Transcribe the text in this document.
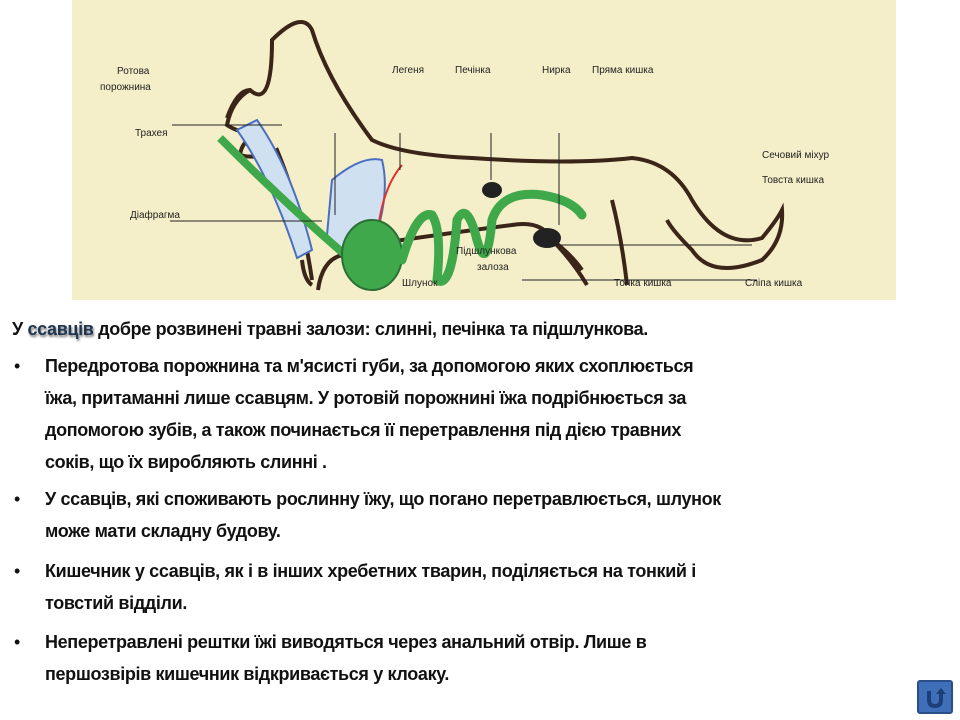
Ротова
порожнина
Трахея
Діафрагма
Легеня	Печінка	Нирка Пряма кишка
Сечовий міхур
Товста кишка
Підшлункова
залоза
Шлунок	Тонка кишка	Сліпа кишка
У ссавців добре розвинені травні залози: слинні, печінка та підшлункова.
• Передротова порожнина та м'ясисті губи, за допомогою яких схоплюється
їжа, притаманні лише ссавцям. У ротовій порожнині їжа подрібнюється за
допомогою зубів, а також починається її перетравлення під дією травних
соків, що їх виробляють слинні .
• У ссавців, які споживають рослинну їжу, що погано перетравлюється, шлунок
може мати складну будову.
• Кишечник у ссавців, як і в інших хребетних тварин, поділяється на тонкий і
товстий відділи.
• Неперетравлені рештки їжі виводяться через анальний отвір. Лише в
першозвірів кишечник відкривається у клоаку.
